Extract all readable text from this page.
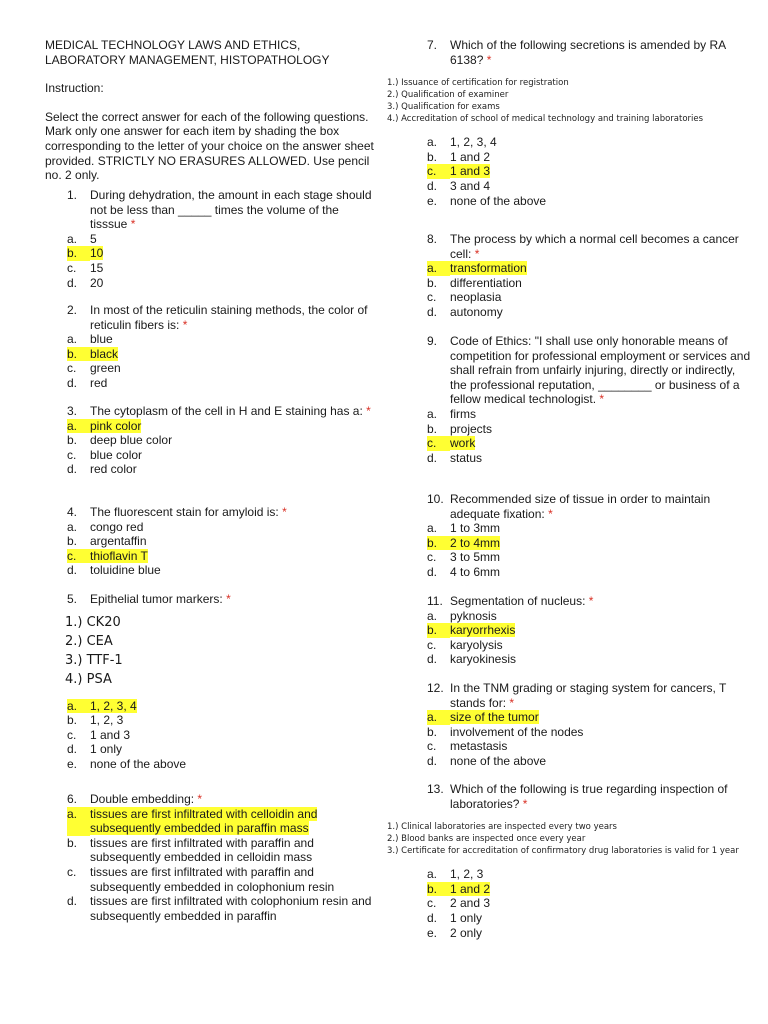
MEDICAL TECHNOLOGY LAWS AND ETHICS,

LABORATORY MANAGEMENT, HISTOPATHOLOGY

Instruction:

Select the correct answer for each of the following questions. Mark only one answer for each item by shading the box corresponding to the letter of your choice on the answer sheet provided. STRICTLY NO ERASURES ALLOWED. Use pencil no. 2 only.

1.	During dehydration, the amount in each stage should not be less than _____ times the volume of the tisssue *
a.	5
b.	10
c.	15
d.	20
2.	In most of the reticulin staining methods, the color of reticulin fibers is: *
a.	blue
b.	black
c.	green
d.	red
3.	The cytoplasm of the cell in H and E staining has a: *
a.	pink color
b.	deep blue color
c.	blue color
d.	red color
4.	The fluorescent stain for amyloid is: *
a.	congo red
b.	argentaffin
c.	thioflavin T
d.	toluidine blue
5.	Epithelial tumor markers: *
1.) CK20
2.) CEA
3.) TTF-1
4.) PSA
a.	1, 2, 3, 4
b.	1, 2, 3
c.	1 and 3
d.	1 only
e.	none of the above
6.	Double embedding: *
a.	tissues are first infiltrated with celloidin and subsequently embedded in paraffin mass
b.	tissues are first infiltrated with paraffin and subsequently embedded in celloidin mass
c.	tissues are first infiltrated with paraffin and subsequently embedded in colophonium resin
d.	tissues are first infiltrated with colophonium resin and subsequently embedded in paraffin
7.	Which of the following secretions is amended by RA 6138? *
1.) Issuance of certification for registration
2.) Qualification of examiner
3.) Qualification for exams
4.) Accreditation of school of medical technology and training laboratories
a.	1, 2, 3, 4
b.	1 and 2
c.	1 and 3
d.	3 and 4
e.	none of the above
8.	The process by which a normal cell becomes a cancer cell: *
a.	transformation
b.	differentiation
c.	neoplasia
d.	autonomy
9.	Code of Ethics: "I shall use only honorable means of competition for professional employment or services and shall refrain from unfairly injuring, directly or indirectly, the professional reputation, ________ or business of a fellow medical technologist. *
a.	firms
b.	projects
c.	work
d.	status
10. Recommended size of tissue in order to maintain adequate fixation: *
a.	1 to 3mm
b.	2 to 4mm
c.	3 to 5mm
d.	4 to 6mm
11. Segmentation of nucleus: *
a.	pyknosis
b.	karyorrhexis
c.	karyolysis
d.	karyokinesis
12. In the TNM grading or staging system for cancers, T stands for: *
a.	size of the tumor
b.	involvement of the nodes
c.	metastasis
d.	none of the above
13. Which of the following is true regarding inspection of laboratories? *
1.) Clinical laboratories are inspected every two years
2.) Blood banks are inspected once every year
3.) Certificate for accreditation of confirmatory drug laboratories is valid for 1 year
a.	1, 2, 3
b.	1 and 2
c.	2 and 3
d.	1 only
e.	2 only
